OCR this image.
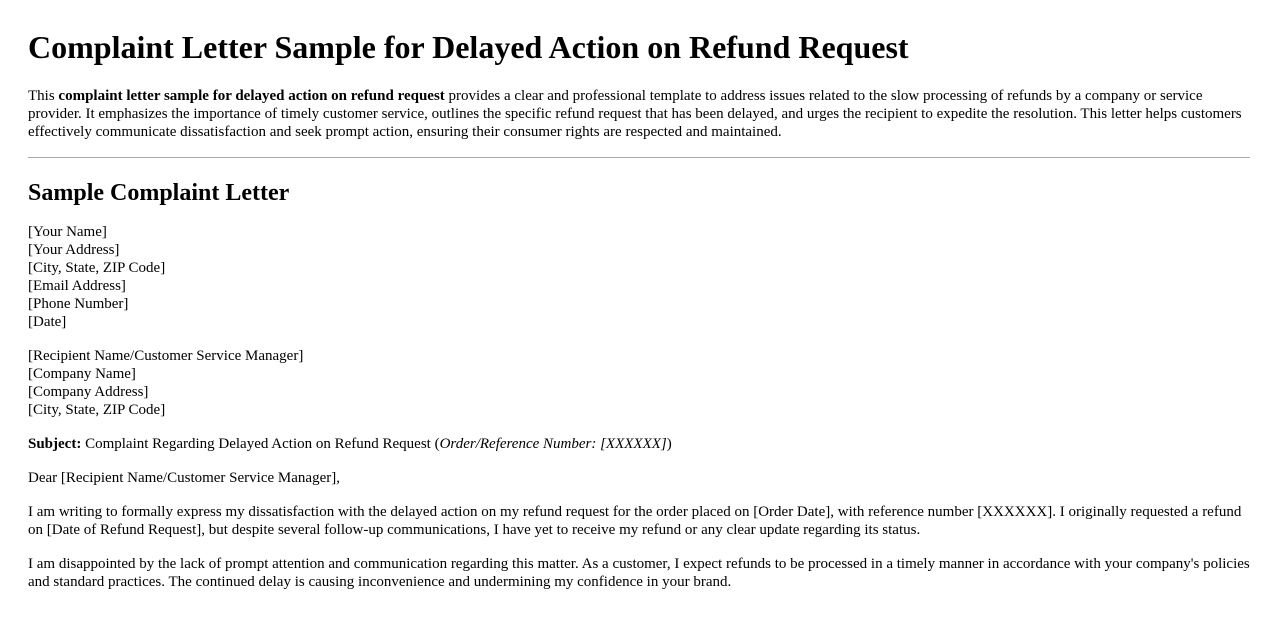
Complaint Letter Sample for Delayed Action on Refund Request
This complaint letter sample for delayed action on refund request provides a clear and professional template to address issues related to the slow processing of refunds by a company or service provider. It emphasizes the importance of timely customer service, outlines the specific refund request that has been delayed, and urges the recipient to expedite the resolution. This letter helps customers effectively communicate dissatisfaction and seek prompt action, ensuring their consumer rights are respected and maintained.
Sample Complaint Letter
[Your Name]
[Your Address]
[City, State, ZIP Code]
[Email Address]
[Phone Number]
[Date]
[Recipient Name/Customer Service Manager]
[Company Name]
[Company Address]
[City, State, ZIP Code]

Subject: Complaint Regarding Delayed Action on Refund Request (Order/Reference Number: [XXXXXX])

Dear [Recipient Name/Customer Service Manager],

I am writing to formally express my dissatisfaction with the delayed action on my refund request for the order placed on [Order Date], with reference number [XXXXXX]. I originally requested a refund on [Date of Refund Request], but despite several follow-up communications, I have yet to receive my refund or any clear update regarding its status.

I am disappointed by the lack of prompt attention and communication regarding this matter. As a customer, I expect refunds to be processed in a timely manner in accordance with your company's policies and standard practices. The continued delay is causing inconvenience and undermining my confidence in your brand.
